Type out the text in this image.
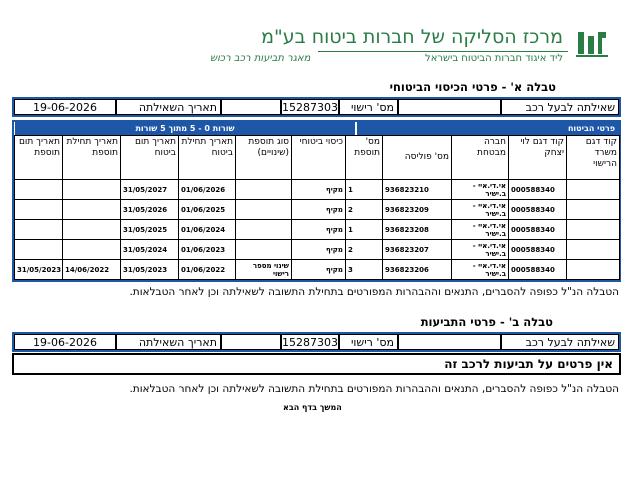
מרכז הסליקה של חברות ביטוח בע"מ
ליד איגוד חברות הביטוח בישראל
מאגר תביעות רכב רכוש
טבלה א' - פרטי הכיסוי הביטוחי
שאילתה לבעל רכב
מס' רישוי
15287303
תאריך השאילתה
19-06-2026
פרטי הביטוח
שורות 0 - 5 מתוך 5 שורות
קוד דגם משרד הרישוי	קוד דגם לוי יצחק	חברה מבטחת	מס' פוליסה	מס' תוספת	כיסוי ביטוחי	סוג תוספת (שינויים)	תאריך תחילת ביטוח	תאריך תום ביטוח	תאריך תחילת תוספת	תאריך תום תוספת
	000588340	אי.די.איי - ב.ישיר	936823210	1	מקיף		01/06/2026	31/05/2027		
	000588340	אי.די.איי - ב.ישיר	936823209	2	מקיף		01/06/2025	31/05/2026		
	000588340	אי.די.איי - ב.ישיר	936823208	1	מקיף		01/06/2024	31/05/2025		
	000588340	אי.די.איי - ב.ישיר	936823207	2	מקיף		01/06/2023	31/05/2024		
	000588340	אי.די.איי - ב.ישיר	936823206	3	מקיף	שינוי מספר רישוי	01/06/2022	31/05/2023	14/06/2022	31/05/2023
הטבלה הנ"ל כפופה להסברים, התנאים וההבהרות המפורטים בתחילת התשובה לשאילתה וכן לאחר הטבלאות.
טבלה ב' - פרטי התביעות
שאילתה לבעל רכב
מס' רישוי
15287303
תאריך השאילתה
19-06-2026
אין פרטים על תביעות לרכב זה
הטבלה הנ"ל כפופה להסברים, התנאים וההבהרות המפורטים בתחילת התשובה לשאילתה וכן לאחר הטבלאות.
המשך בדף הבא
